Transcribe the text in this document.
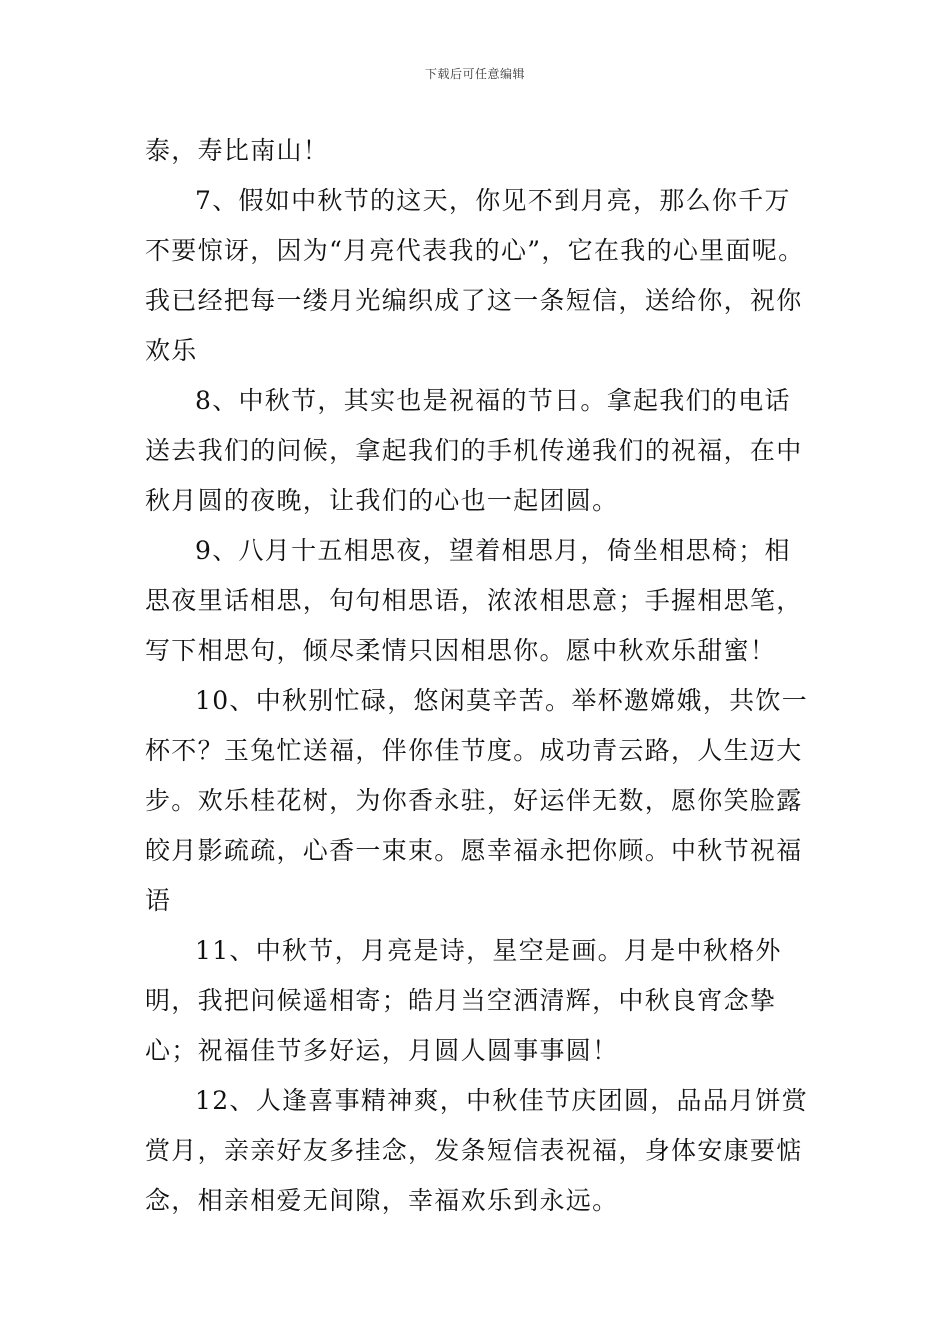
下载后可任意编辑

泰，寿比南山！

7、假如中秋节的这天，你见不到月亮，那么你千万不要惊讶，因为“月亮代表我的心”，它在我的心里面呢。我已经把每一缕月光编织成了这一条短信，送给你，祝你欢乐

8、中秋节，其实也是祝福的节日。拿起我们的电话送去我们的问候，拿起我们的手机传递我们的祝福，在中秋月圆的夜晚，让我们的心也一起团圆。

9、八月十五相思夜，望着相思月，倚坐相思椅；相思夜里话相思，句句相思语，浓浓相思意；手握相思笔，写下相思句，倾尽柔情只因相思你。愿中秋欢乐甜蜜！

10、中秋别忙碌，悠闲莫辛苦。举杯邀嫦娥，共饮一杯不？玉兔忙送福，伴你佳节度。成功青云路，人生迈大步。欢乐桂花树，为你香永驻，好运伴无数，愿你笑脸露皎月影疏疏，心香一束束。愿幸福永把你顾。中秋节祝福语

11、中秋节，月亮是诗，星空是画。月是中秋格外明，我把问候遥相寄；皓月当空洒清辉，中秋良宵念挚心；祝福佳节多好运，月圆人圆事事圆！

12、人逢喜事精神爽，中秋佳节庆团圆，品品月饼赏赏月，亲亲好友多挂念，发条短信表祝福，身体安康要惦念，相亲相爱无间隙，幸福欢乐到永远。
